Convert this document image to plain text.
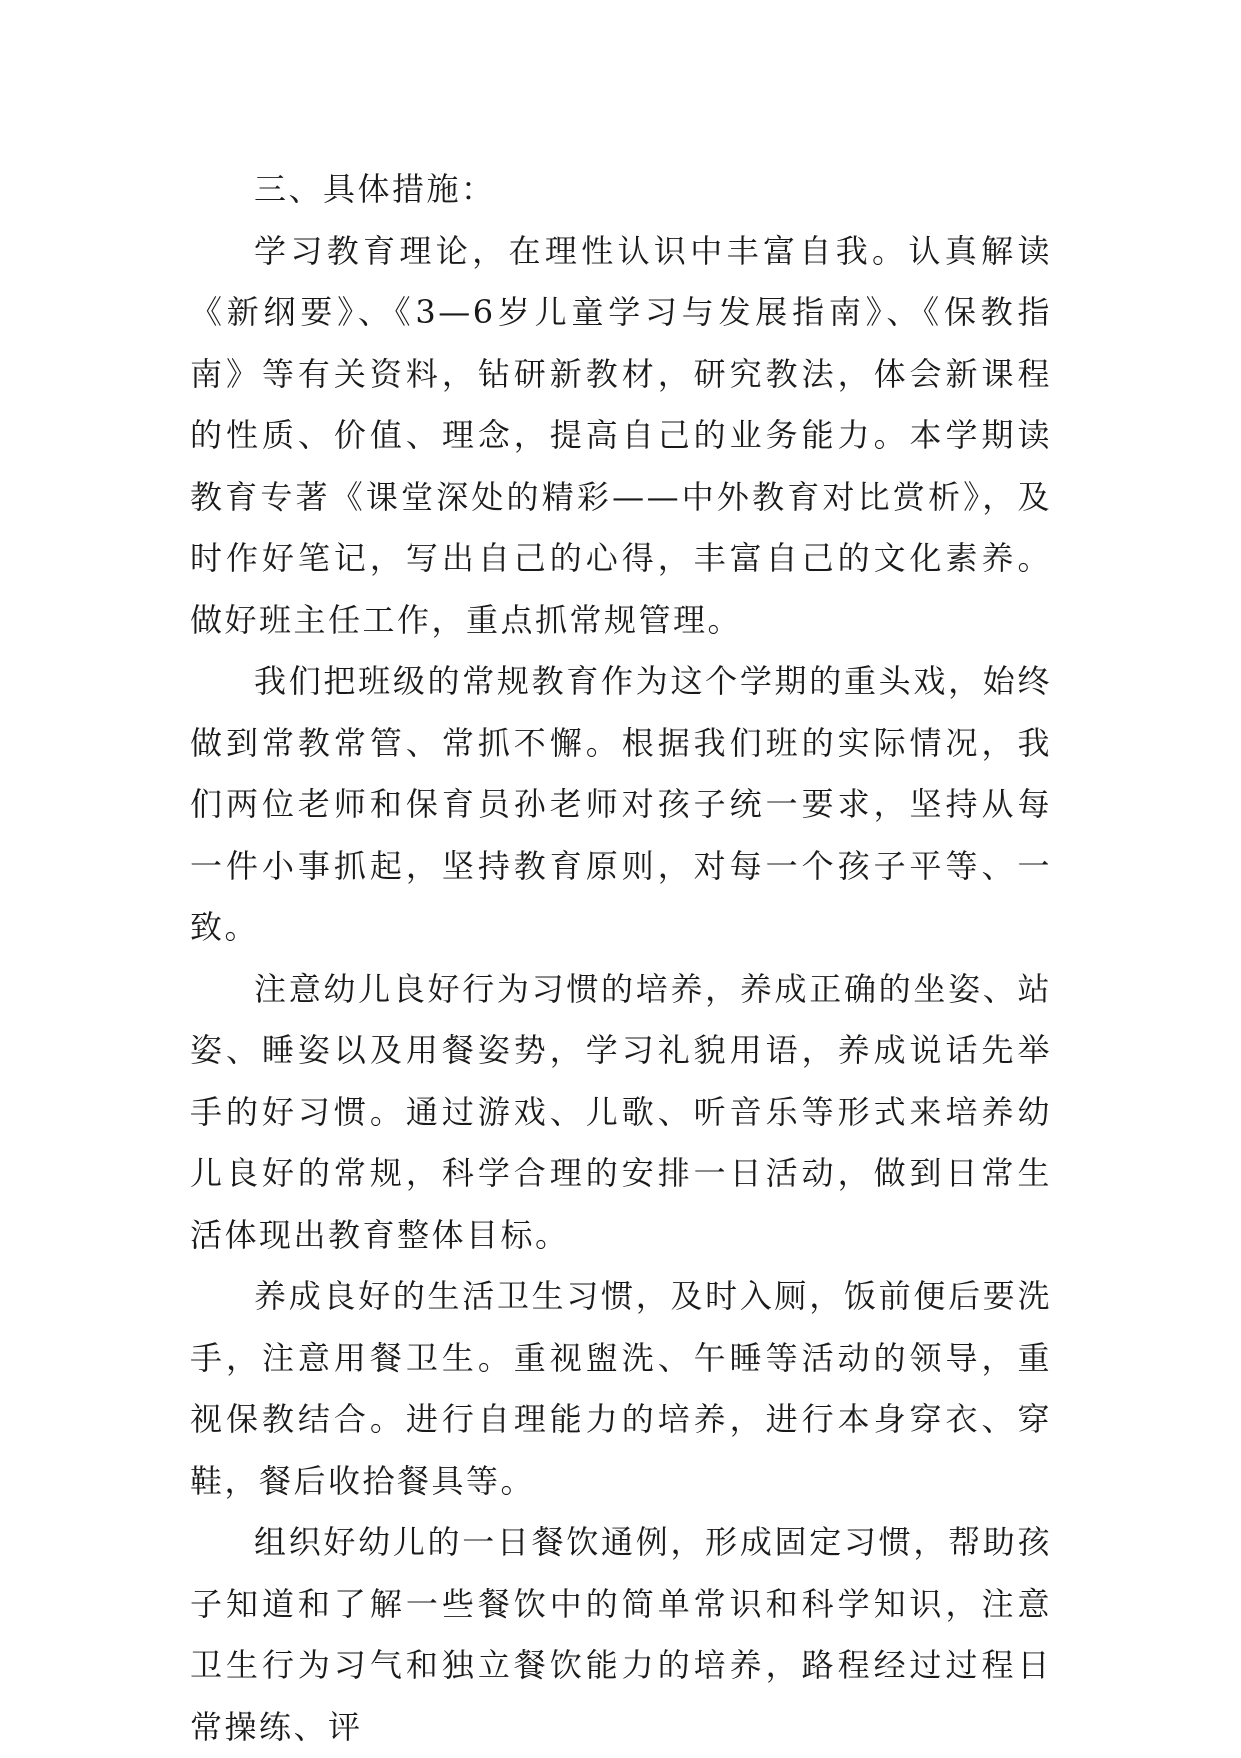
三、具体措施：

学习教育理论，在理性认识中丰富自我。认真解读《新纲要》、《3—6岁儿童学习与发展指南》、《保教指南》等有关资料，钻研新教材，研究教法，体会新课程的性质、价值、理念，提高自己的业务能力。本学期读教育专著《课堂深处的精彩——中外教育对比赏析》，及时作好笔记，写出自己的心得，丰富自己的文化素养。做好班主任工作，重点抓常规管理。

我们把班级的常规教育作为这个学期的重头戏，始终做到常教常管、常抓不懈。根据我们班的实际情况，我们两位老师和保育员孙老师对孩子统一要求，坚持从每一件小事抓起，坚持教育原则，对每一个孩子平等、一致。

注意幼儿良好行为习惯的培养，养成正确的坐姿、站姿、睡姿以及用餐姿势，学习礼貌用语，养成说话先举手的好习惯。通过游戏、儿歌、听音乐等形式来培养幼儿良好的常规，科学合理的安排一日活动，做到日常生活体现出教育整体目标。

养成良好的生活卫生习惯，及时入厕，饭前便后要洗手，注意用餐卫生。重视盥洗、午睡等活动的领导，重视保教结合。进行自理能力的培养，进行本身穿衣、穿鞋，餐后收拾餐具等。

组织好幼儿的一日餐饮通例，形成固定习惯，帮助孩子知道和了解一些餐饮中的简单常识和科学知识，注意卫生行为习气和独立餐饮能力的培养，路程经过过程日常操练、评
